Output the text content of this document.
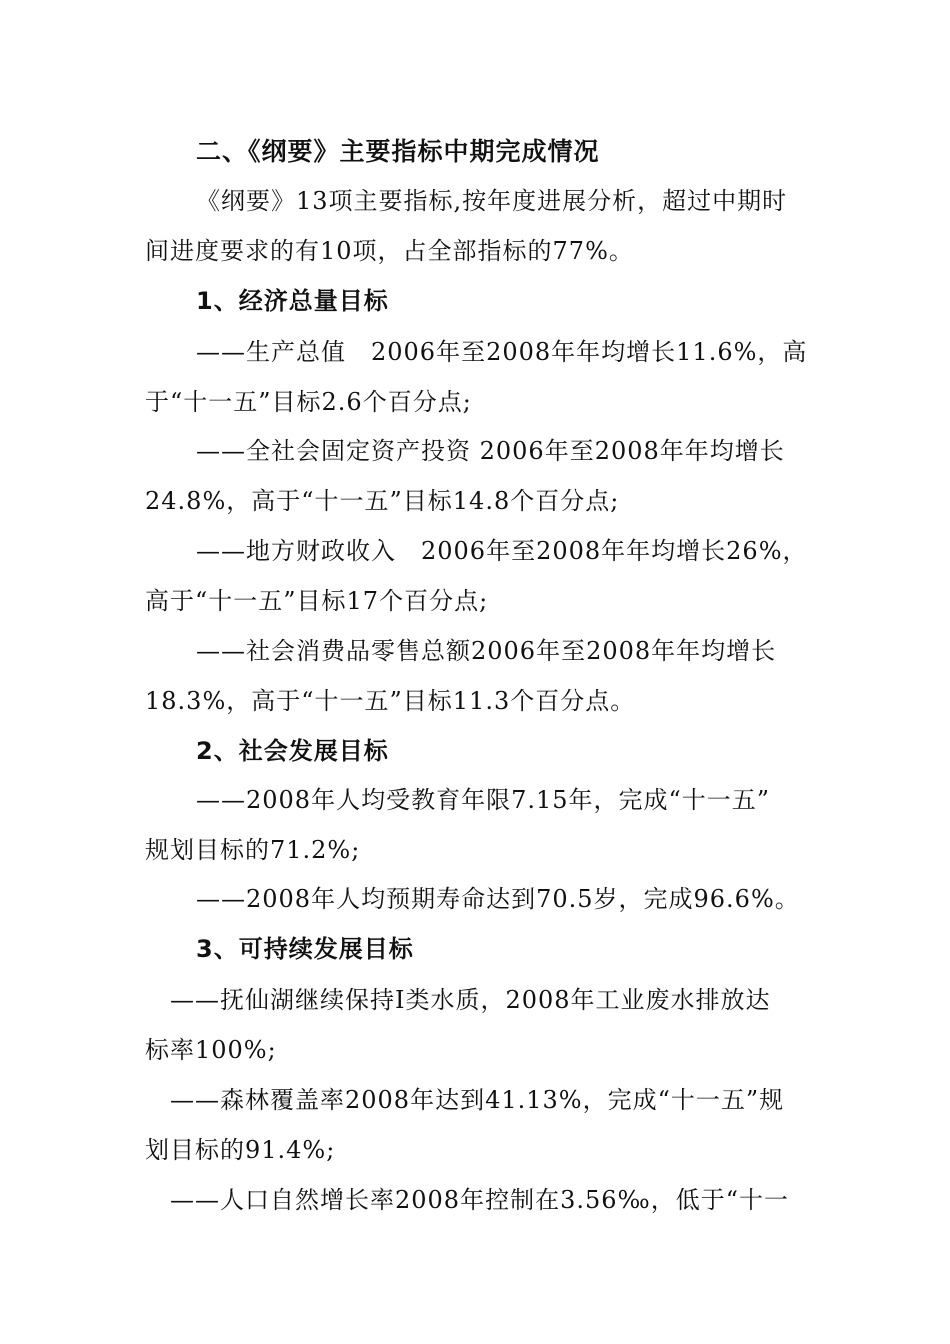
二、《纲要》主要指标中期完成情况
《纲要》13项主要指标,按年度进展分析，超过中期时
间进度要求的有10项，占全部指标的77%。
1、经济总量目标
——生产总值　2006年至2008年年均增长11.6%，高
于“十一五”目标2.6个百分点;
——全社会固定资产投资 2006年至2008年年均增长
24.8%，高于“十一五”目标14.8个百分点;
——地方财政收入　2006年至2008年年均增长26%，
高于“十一五”目标17个百分点;
——社会消费品零售总额2006年至2008年年均增长
18.3%，高于“十一五”目标11.3个百分点。
2、社会发展目标
——2008年人均受教育年限7.15年，完成“十一五”
规划目标的71.2%;
——2008年人均预期寿命达到70.5岁，完成96.6%。
3、可持续发展目标
——抚仙湖继续保持Ⅰ类水质，2008年工业废水排放达
标率100%;
——森林覆盖率2008年达到41.13%，完成“十一五”规
划目标的91.4%;
——人口自然增长率2008年控制在3.56‰，低于“十一
